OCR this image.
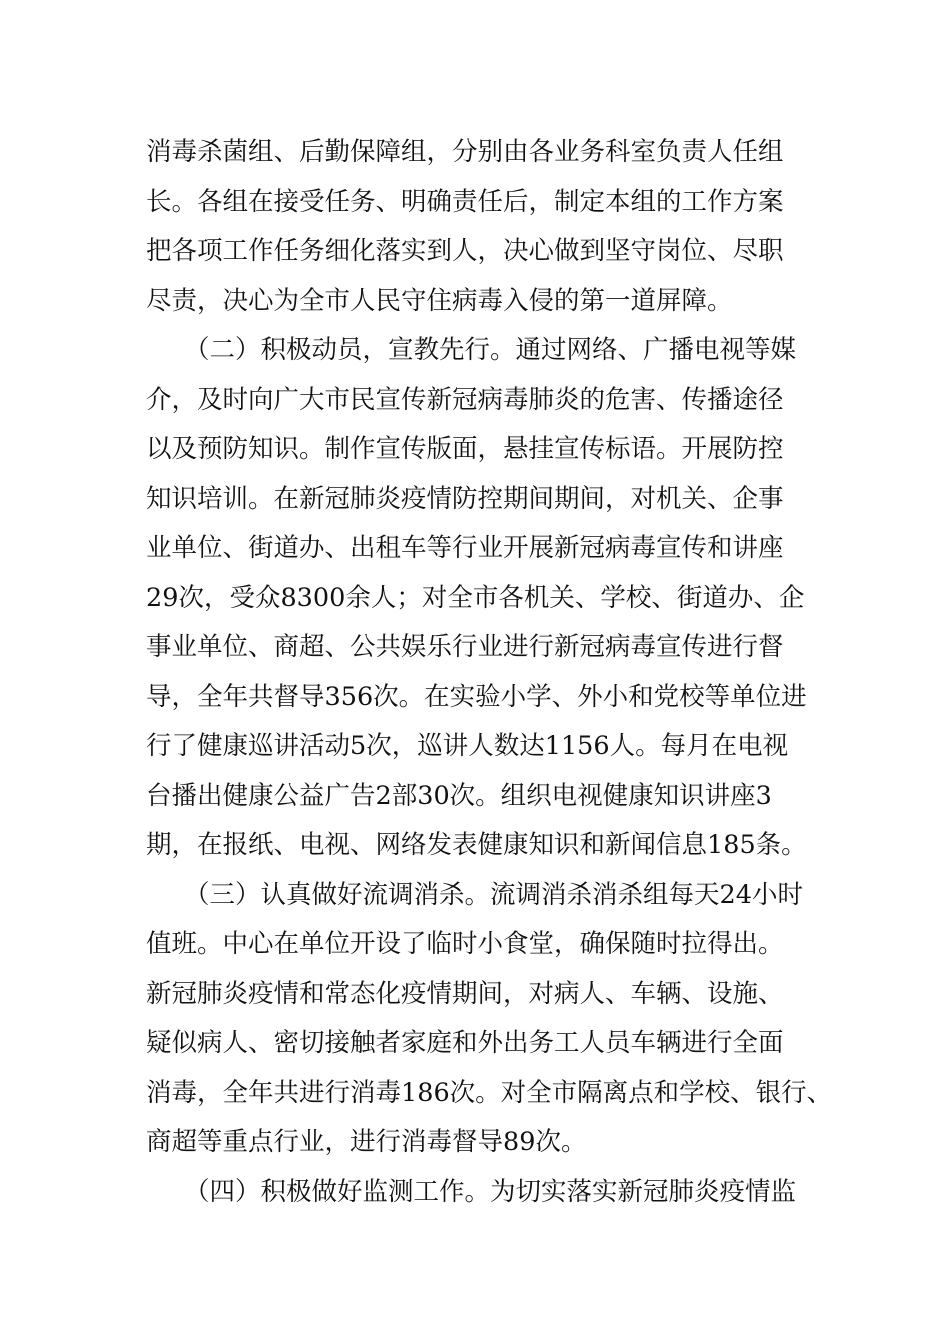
消毒杀菌组、后勤保障组，分别由各业务科室负责人任组
长。各组在接受任务、明确责任后，制定本组的工作方案
把各项工作任务细化落实到人，决心做到坚守岗位、尽职
尽责，决心为全市人民守住病毒入侵的第一道屏障。
（二）积极动员，宣教先行。通过网络、广播电视等媒
介，及时向广大市民宣传新冠病毒肺炎的危害、传播途径
以及预防知识。制作宣传版面，悬挂宣传标语。开展防控
知识培训。在新冠肺炎疫情防控期间期间，对机关、企事
业单位、街道办、出租车等行业开展新冠病毒宣传和讲座
29次，受众8300余人；对全市各机关、学校、街道办、企
事业单位、商超、公共娱乐行业进行新冠病毒宣传进行督
导，全年共督导356次。在实验小学、外小和党校等单位进
行了健康巡讲活动5次，巡讲人数达1156人。每月在电视
台播出健康公益广告2部30次。组织电视健康知识讲座3
期，在报纸、电视、网络发表健康知识和新闻信息185条。
（三）认真做好流调消杀。流调消杀消杀组每天24小时
值班。中心在单位开设了临时小食堂，确保随时拉得出。
新冠肺炎疫情和常态化疫情期间，对病人、车辆、设施、
疑似病人、密切接触者家庭和外出务工人员车辆进行全面
消毒，全年共进行消毒186次。对全市隔离点和学校、银行、
商超等重点行业，进行消毒督导89次。
（四）积极做好监测工作。为切实落实新冠肺炎疫情监
